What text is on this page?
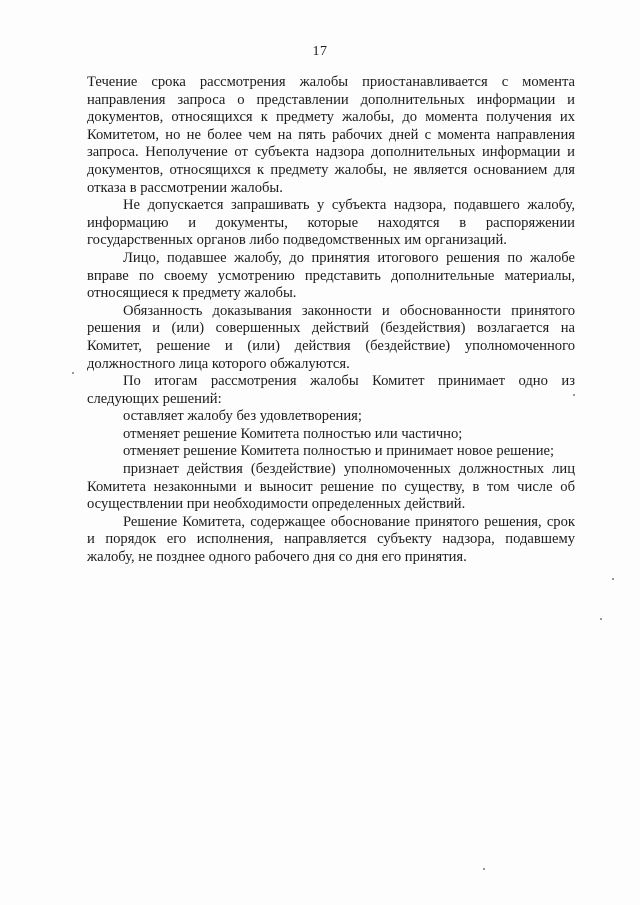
17

Течение срока рассмотрения жалобы приостанавливается с момента направления запроса о представлении дополнительных информации и документов, относящихся к предмету жалобы, до момента получения их Комитетом, но не более чем на пять рабочих дней с момента направления запроса. Неполучение от субъекта надзора дополнительных информации и документов, относящихся к предмету жалобы, не является основанием для отказа в рассмотрении жалобы.

Не допускается запрашивать у субъекта надзора, подавшего жалобу, информацию и документы, которые находятся в распоряжении государственных органов либо подведомственных им организаций.

Лицо, подавшее жалобу, до принятия итогового решения по жалобе вправе по своему усмотрению представить дополнительные материалы, относящиеся к предмету жалобы.

Обязанность доказывания законности и обоснованности принятого решения и (или) совершенных действий (бездействия) возлагается на Комитет, решение и (или) действия (бездействие) уполномоченного должностного лица которого обжалуются.

По итогам рассмотрения жалобы Комитет принимает одно из следующих решений:

оставляет жалобу без удовлетворения;

отменяет решение Комитета полностью или частично;

отменяет решение Комитета полностью и принимает новое решение;

признает действия (бездействие) уполномоченных должностных лиц Комитета незаконными и выносит решение по существу, в том числе об осуществлении при необходимости определенных действий.

Решение Комитета, содержащее обоснование принятого решения, срок и порядок его исполнения, направляется субъекту надзора, подавшему жалобу, не позднее одного рабочего дня со дня его принятия.
